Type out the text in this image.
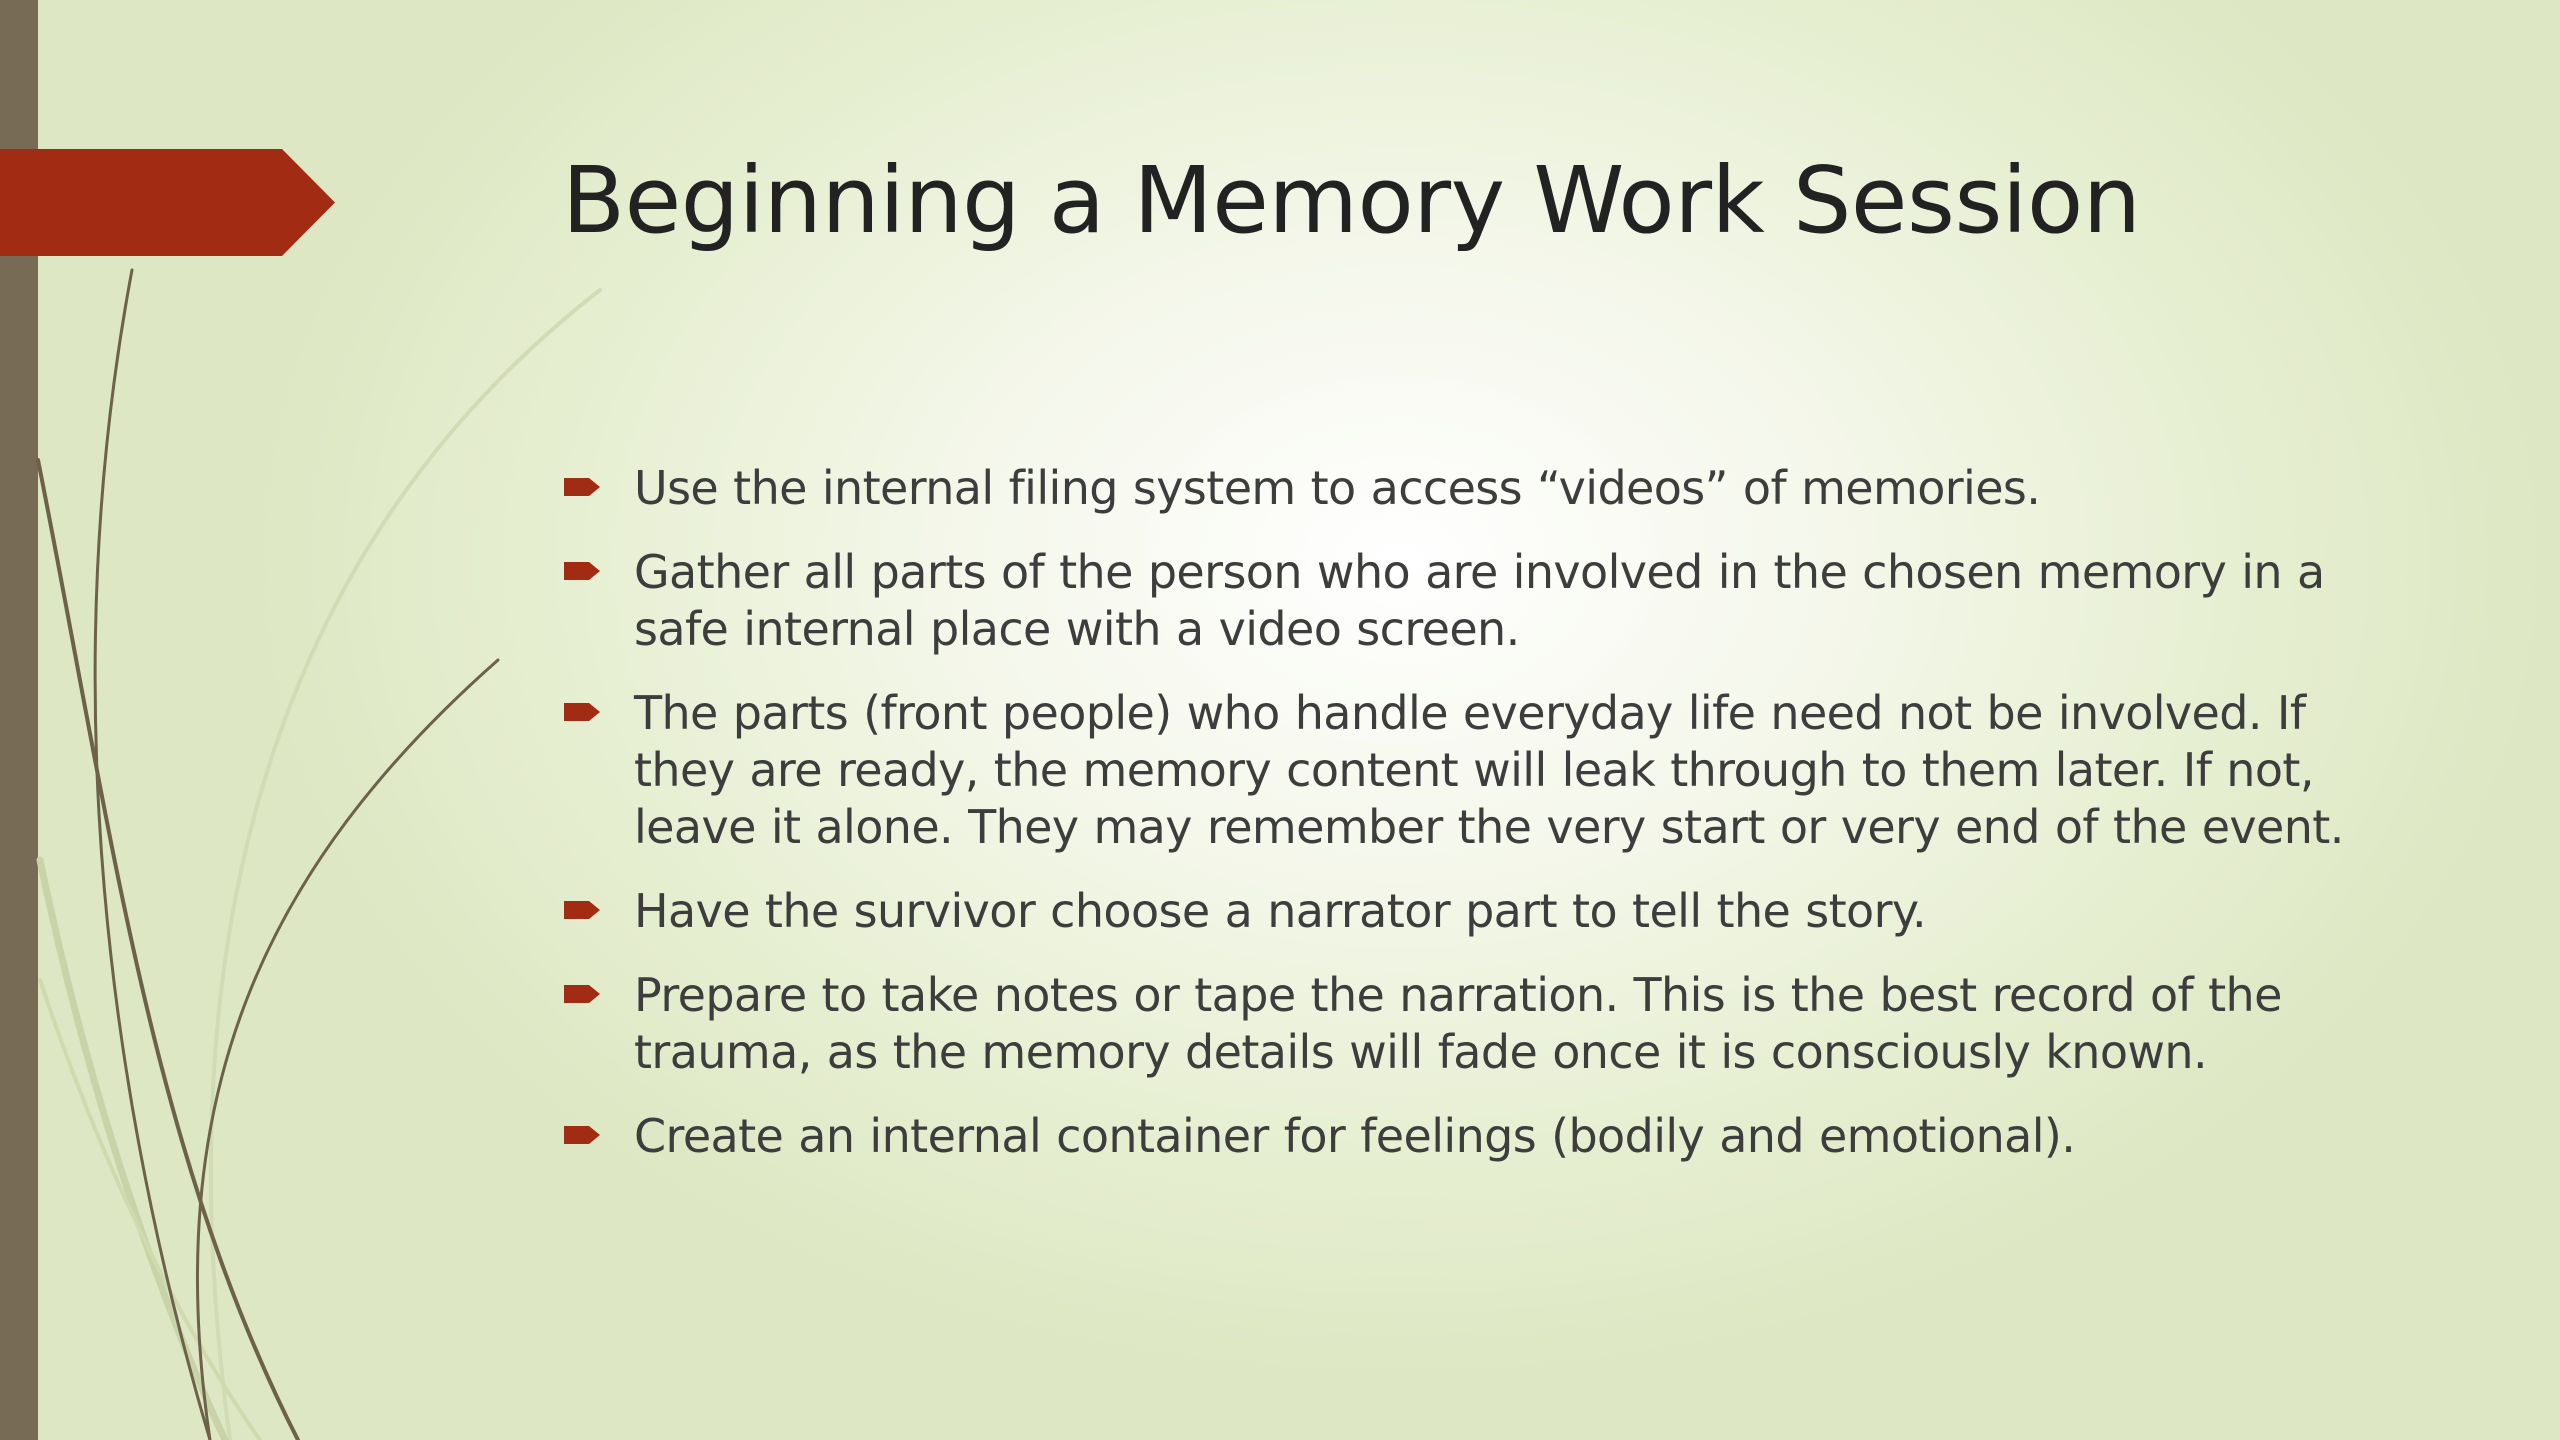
Beginning a Memory Work Session
Use the internal filing system to access “videos” of memories.
Gather all parts of the person who are involved in the chosen memory in a safe internal place with a video screen.
The parts (front people) who handle everyday life need not be involved. If they are ready, the memory content will leak through to them later. If not, leave it alone. They may remember the very start or very end of the event.
Have the survivor choose a narrator part to tell the story.
Prepare to take notes or tape the narration. This is the best record of the trauma, as the memory details will fade once it is consciously known.
Create an internal container for feelings (bodily and emotional).
